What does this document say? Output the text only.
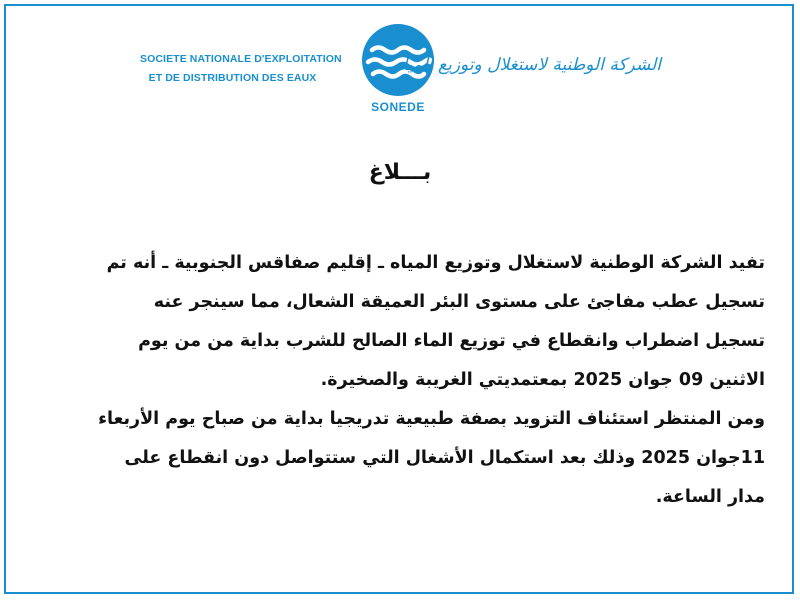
SOCIETE NATIONALE D'EXPLOITATION
ET DE DISTRIBUTION DES EAUX
SONEDE
الشركة الوطنية لاستغلال وتوزيع المياه
بـــلاغ

تفيد الشركة الوطنية لاستغلال وتوزيع المياه ـ إقليم صفاقس الجنوبية ـ أنه تم
تسجيل عطب مفاجئ على مستوى البئر العميقة الشعال، مما سينجر عنه
تسجيل اضطراب وانقطاع في توزيع الماء الصالح للشرب بداية من من يوم
الاثنين 09 جوان 2025 بمعتمديتي الغريبة والصخيرة.
ومن المنتظر استئناف التزويد بصفة طبيعية تدريجيا بداية من صباح يوم الأربعاء
11جوان 2025 وذلك بعد استكمال الأشغال التي ستتواصل دون انقطاع على
مدار الساعة.
